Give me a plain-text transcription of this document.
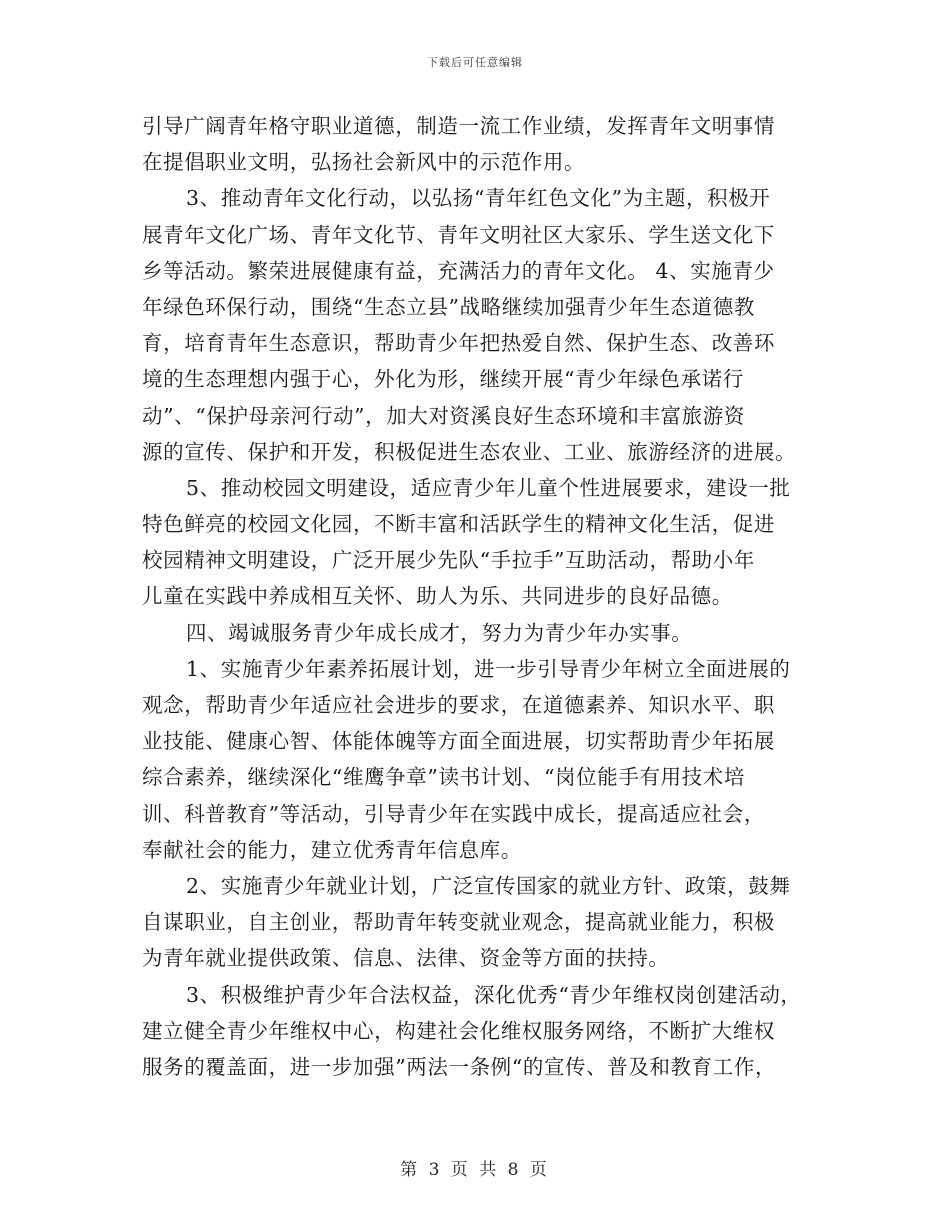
下载后可任意编辑
引导广阔青年格守职业道德，制造一流工作业绩，发挥青年文明事情
在提倡职业文明，弘扬社会新风中的示范作用。
3、推动青年文化行动，以弘扬“青年红色文化”为主题，积极开
展青年文化广场、青年文化节、青年文明社区大家乐、学生送文化下
乡等活动。繁荣进展健康有益，充满活力的青年文化。 4、实施青少
年绿色环保行动，围绕“生态立县”战略继续加强青少年生态道德教
育，培育青年生态意识，帮助青少年把热爱自然、保护生态、改善环
境的生态理想内强于心，外化为形，继续开展“青少年绿色承诺行
动”、“保护母亲河行动”，加大对资溪良好生态环境和丰富旅游资
源的宣传、保护和开发，积极促进生态农业、工业、旅游经济的进展。
5、推动校园文明建设，适应青少年儿童个性进展要求，建设一批
特色鲜亮的校园文化园，不断丰富和活跃学生的精神文化生活，促进
校园精神文明建设，广泛开展少先队“手拉手”互助活动，帮助小年
儿童在实践中养成相互关怀、助人为乐、共同进步的良好品德。
四、竭诚服务青少年成长成才，努力为青少年办实事。
1、实施青少年素养拓展计划，进一步引导青少年树立全面进展的
观念，帮助青少年适应社会进步的要求，在道德素养、知识水平、职
业技能、健康心智、体能体魄等方面全面进展，切实帮助青少年拓展
综合素养，继续深化“维鹰争章”读书计划、“岗位能手有用技术培
训、科普教育”等活动，引导青少年在实践中成长，提高适应社会，
奉献社会的能力，建立优秀青年信息库。
2、实施青少年就业计划，广泛宣传国家的就业方针、政策，鼓舞
自谋职业，自主创业，帮助青年转变就业观念，提高就业能力，积极
为青年就业提供政策、信息、法律、资金等方面的扶持。
3、积极维护青少年合法权益，深化优秀“青少年维权岗创建活动，
建立健全青少年维权中心，构建社会化维权服务网络，不断扩大维权
服务的覆盖面，进一步加强”两法一条例“的宣传、普及和教育工作，
第 3 页 共 8 页
